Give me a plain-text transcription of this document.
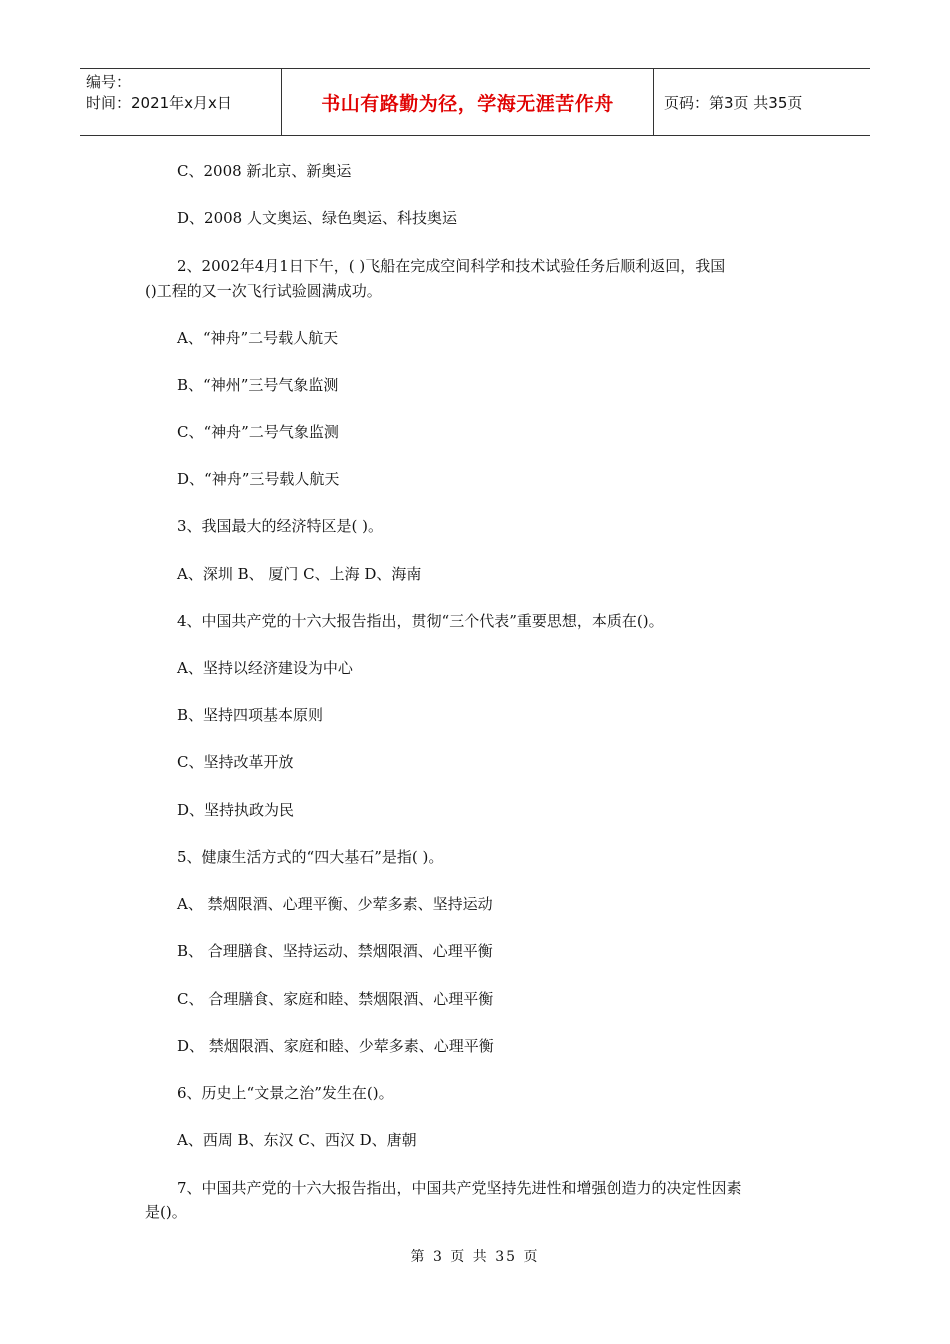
编号：
时间：2021年x月x日	书山有路勤为径，学海无涯苦作舟	页码：第3页 共35页
C、2008 新北京、新奥运
D、2008 人文奥运、绿色奥运、科技奥运
2、2002年4月1日下午，( )飞船在完成空间科学和技术试验任务后顺利返回，我国
()工程的又一次飞行试验圆满成功。
A、“神舟”二号载人航天
B、“神州”三号气象监测
C、“神舟”二号气象监测
D、“神舟”三号载人航天
3、我国最大的经济特区是( )。
A、深圳 B、 厦门 C、上海 D、海南
4、中国共产党的十六大报告指出，贯彻“三个代表”重要思想，本质在()。
A、坚持以经济建设为中心
B、坚持四项基本原则
C、坚持改革开放
D、坚持执政为民
5、健康生活方式的“四大基石”是指( )。
A、 禁烟限酒、心理平衡、少荤多素、坚持运动
B、 合理膳食、坚持运动、禁烟限酒、心理平衡
C、 合理膳食、家庭和睦、禁烟限酒、心理平衡
D、 禁烟限酒、家庭和睦、少荤多素、心理平衡
6、历史上“文景之治”发生在()。
A、西周 B、东汉 C、西汉 D、唐朝
7、中国共产党的十六大报告指出，中国共产党坚持先进性和增强创造力的决定性因素
是()。
第 3 页 共 35 页
